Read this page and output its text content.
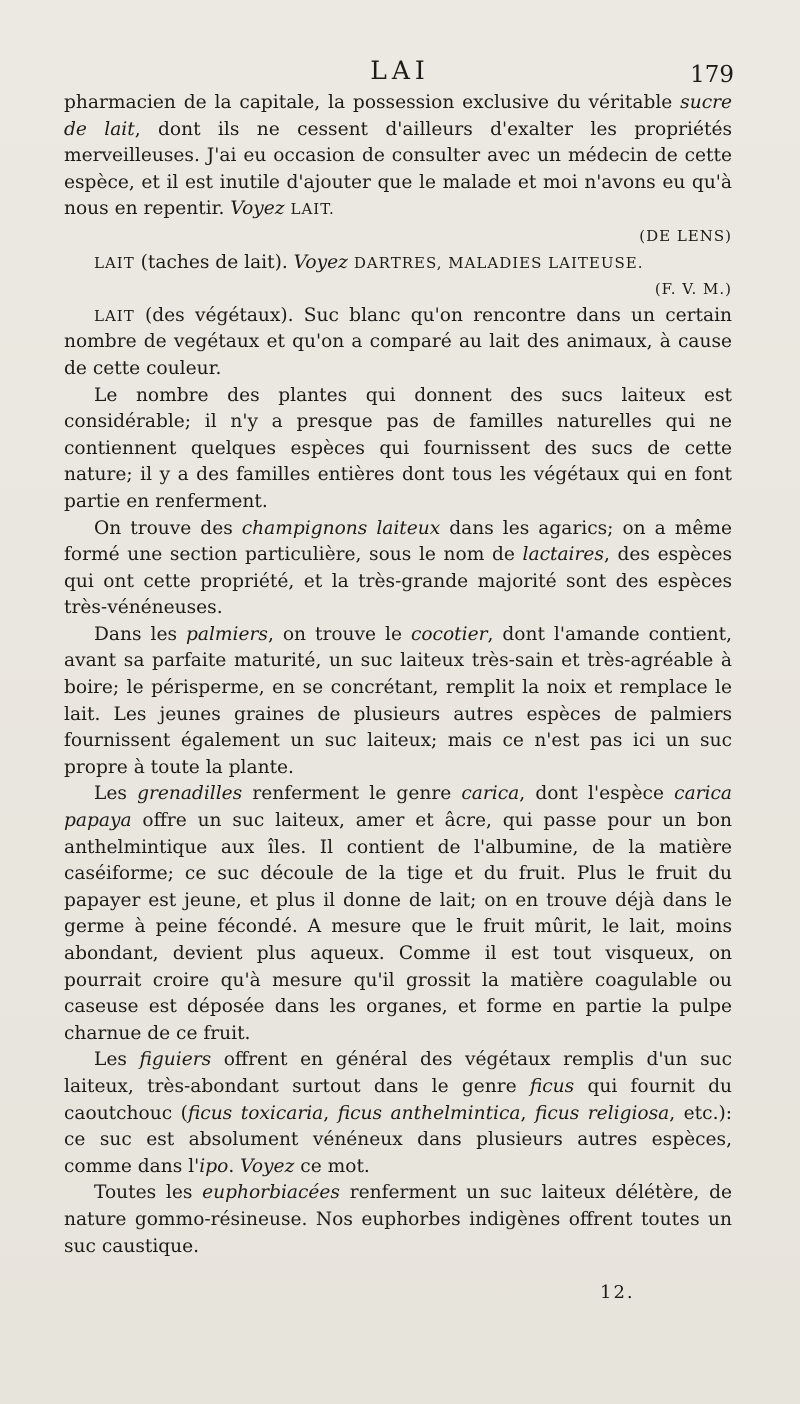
LAI	179

pharmacien de la capitale, la possession exclusive du véritable sucre de lait, dont ils ne cessent d'ailleurs d'exalter les propriétés merveilleuses. J'ai eu occasion de consulter avec un médecin de cette espèce, et il est inutile d'ajouter que le malade et moi n'avons eu qu'à nous en repentir. Voyez LAIT.

(DE LENS)

LAIT (taches de lait). Voyez DARTRES, MALADIES LAITEUSE.

(F. V. M.)

LAIT (des végétaux). Suc blanc qu'on rencontre dans un certain nombre de vegétaux et qu'on a comparé au lait des animaux, à cause de cette couleur.

Le nombre des plantes qui donnent des sucs laiteux est considérable; il n'y a presque pas de familles naturelles qui ne contiennent quelques espèces qui fournissent des sucs de cette nature; il y a des familles entières dont tous les végétaux qui en font partie en renferment.

On trouve des champignons laiteux dans les agarics; on a même formé une section particulière, sous le nom de lactaires, des espèces qui ont cette propriété, et la très-grande majorité sont des espèces très-vénéneuses.

Dans les palmiers, on trouve le cocotier, dont l'amande contient, avant sa parfaite maturité, un suc laiteux très-sain et très-agréable à boire; le périsperme, en se concrétant, remplit la noix et remplace le lait. Les jeunes graines de plusieurs autres espèces de palmiers fournissent également un suc laiteux; mais ce n'est pas ici un suc propre à toute la plante.

Les grenadilles renferment le genre carica, dont l'espèce carica papaya offre un suc laiteux, amer et âcre, qui passe pour un bon anthelmintique aux îles. Il contient de l'albumine, de la matière caséiforme; ce suc découle de la tige et du fruit. Plus le fruit du papayer est jeune, et plus il donne de lait; on en trouve déjà dans le germe à peine fécondé. A mesure que le fruit mûrit, le lait, moins abondant, devient plus aqueux. Comme il est tout visqueux, on pourrait croire qu'à mesure qu'il grossit la matière coagulable ou caseuse est déposée dans les organes, et forme en partie la pulpe charnue de ce fruit.

Les figuiers offrent en général des végétaux remplis d'un suc laiteux, très-abondant surtout dans le genre ficus qui fournit du caoutchouc (ficus toxicaria, ficus anthelmintica, ficus religiosa, etc.): ce suc est absolument vénéneux dans plusieurs autres espèces, comme dans l'ipo. Voyez ce mot.

Toutes les euphorbiacées renferment un suc laiteux délétère, de nature gommo-résineuse. Nos euphorbes indigènes offrent toutes un suc caustique.

12.
